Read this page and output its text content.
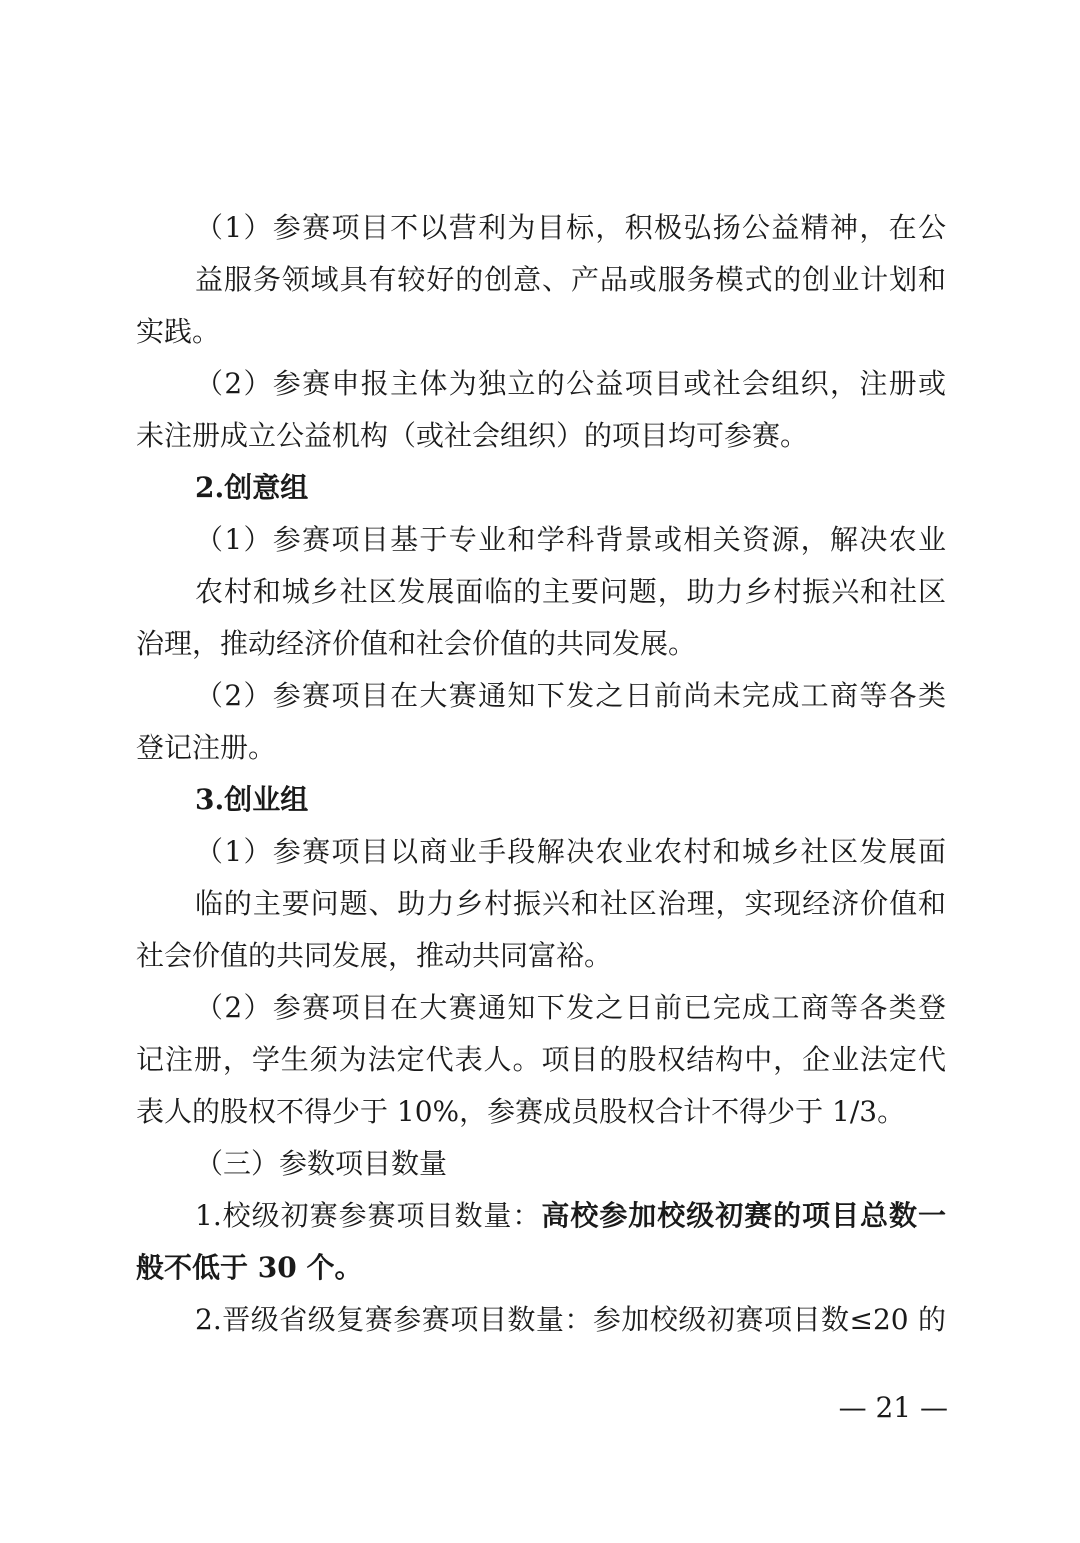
（1）参赛项目不以营利为目标，积极弘扬公益精神，在公
益服务领域具有较好的创意、产品或服务模式的创业计划和
实践。
（2）参赛申报主体为独立的公益项目或社会组织，注册或
未注册成立公益机构（或社会组织）的项目均可参赛。
2.创意组
（1）参赛项目基于专业和学科背景或相关资源，解决农业
农村和城乡社区发展面临的主要问题，助力乡村振兴和社区
治理，推动经济价值和社会价值的共同发展。
（2）参赛项目在大赛通知下发之日前尚未完成工商等各类
登记注册。
3.创业组
（1）参赛项目以商业手段解决农业农村和城乡社区发展面
临的主要问题、助力乡村振兴和社区治理，实现经济价值和
社会价值的共同发展，推动共同富裕。
（2）参赛项目在大赛通知下发之日前已完成工商等各类登
记注册，学生须为法定代表人。项目的股权结构中，企业法定代
表人的股权不得少于 10%，参赛成员股权合计不得少于 1/3。
（三）参数项目数量
1.校级初赛参赛项目数量：高校参加校级初赛的项目总数一
般不低于 30 个。
2.晋级省级复赛参赛项目数量：参加校级初赛项目数≤20 的
— 21 —
